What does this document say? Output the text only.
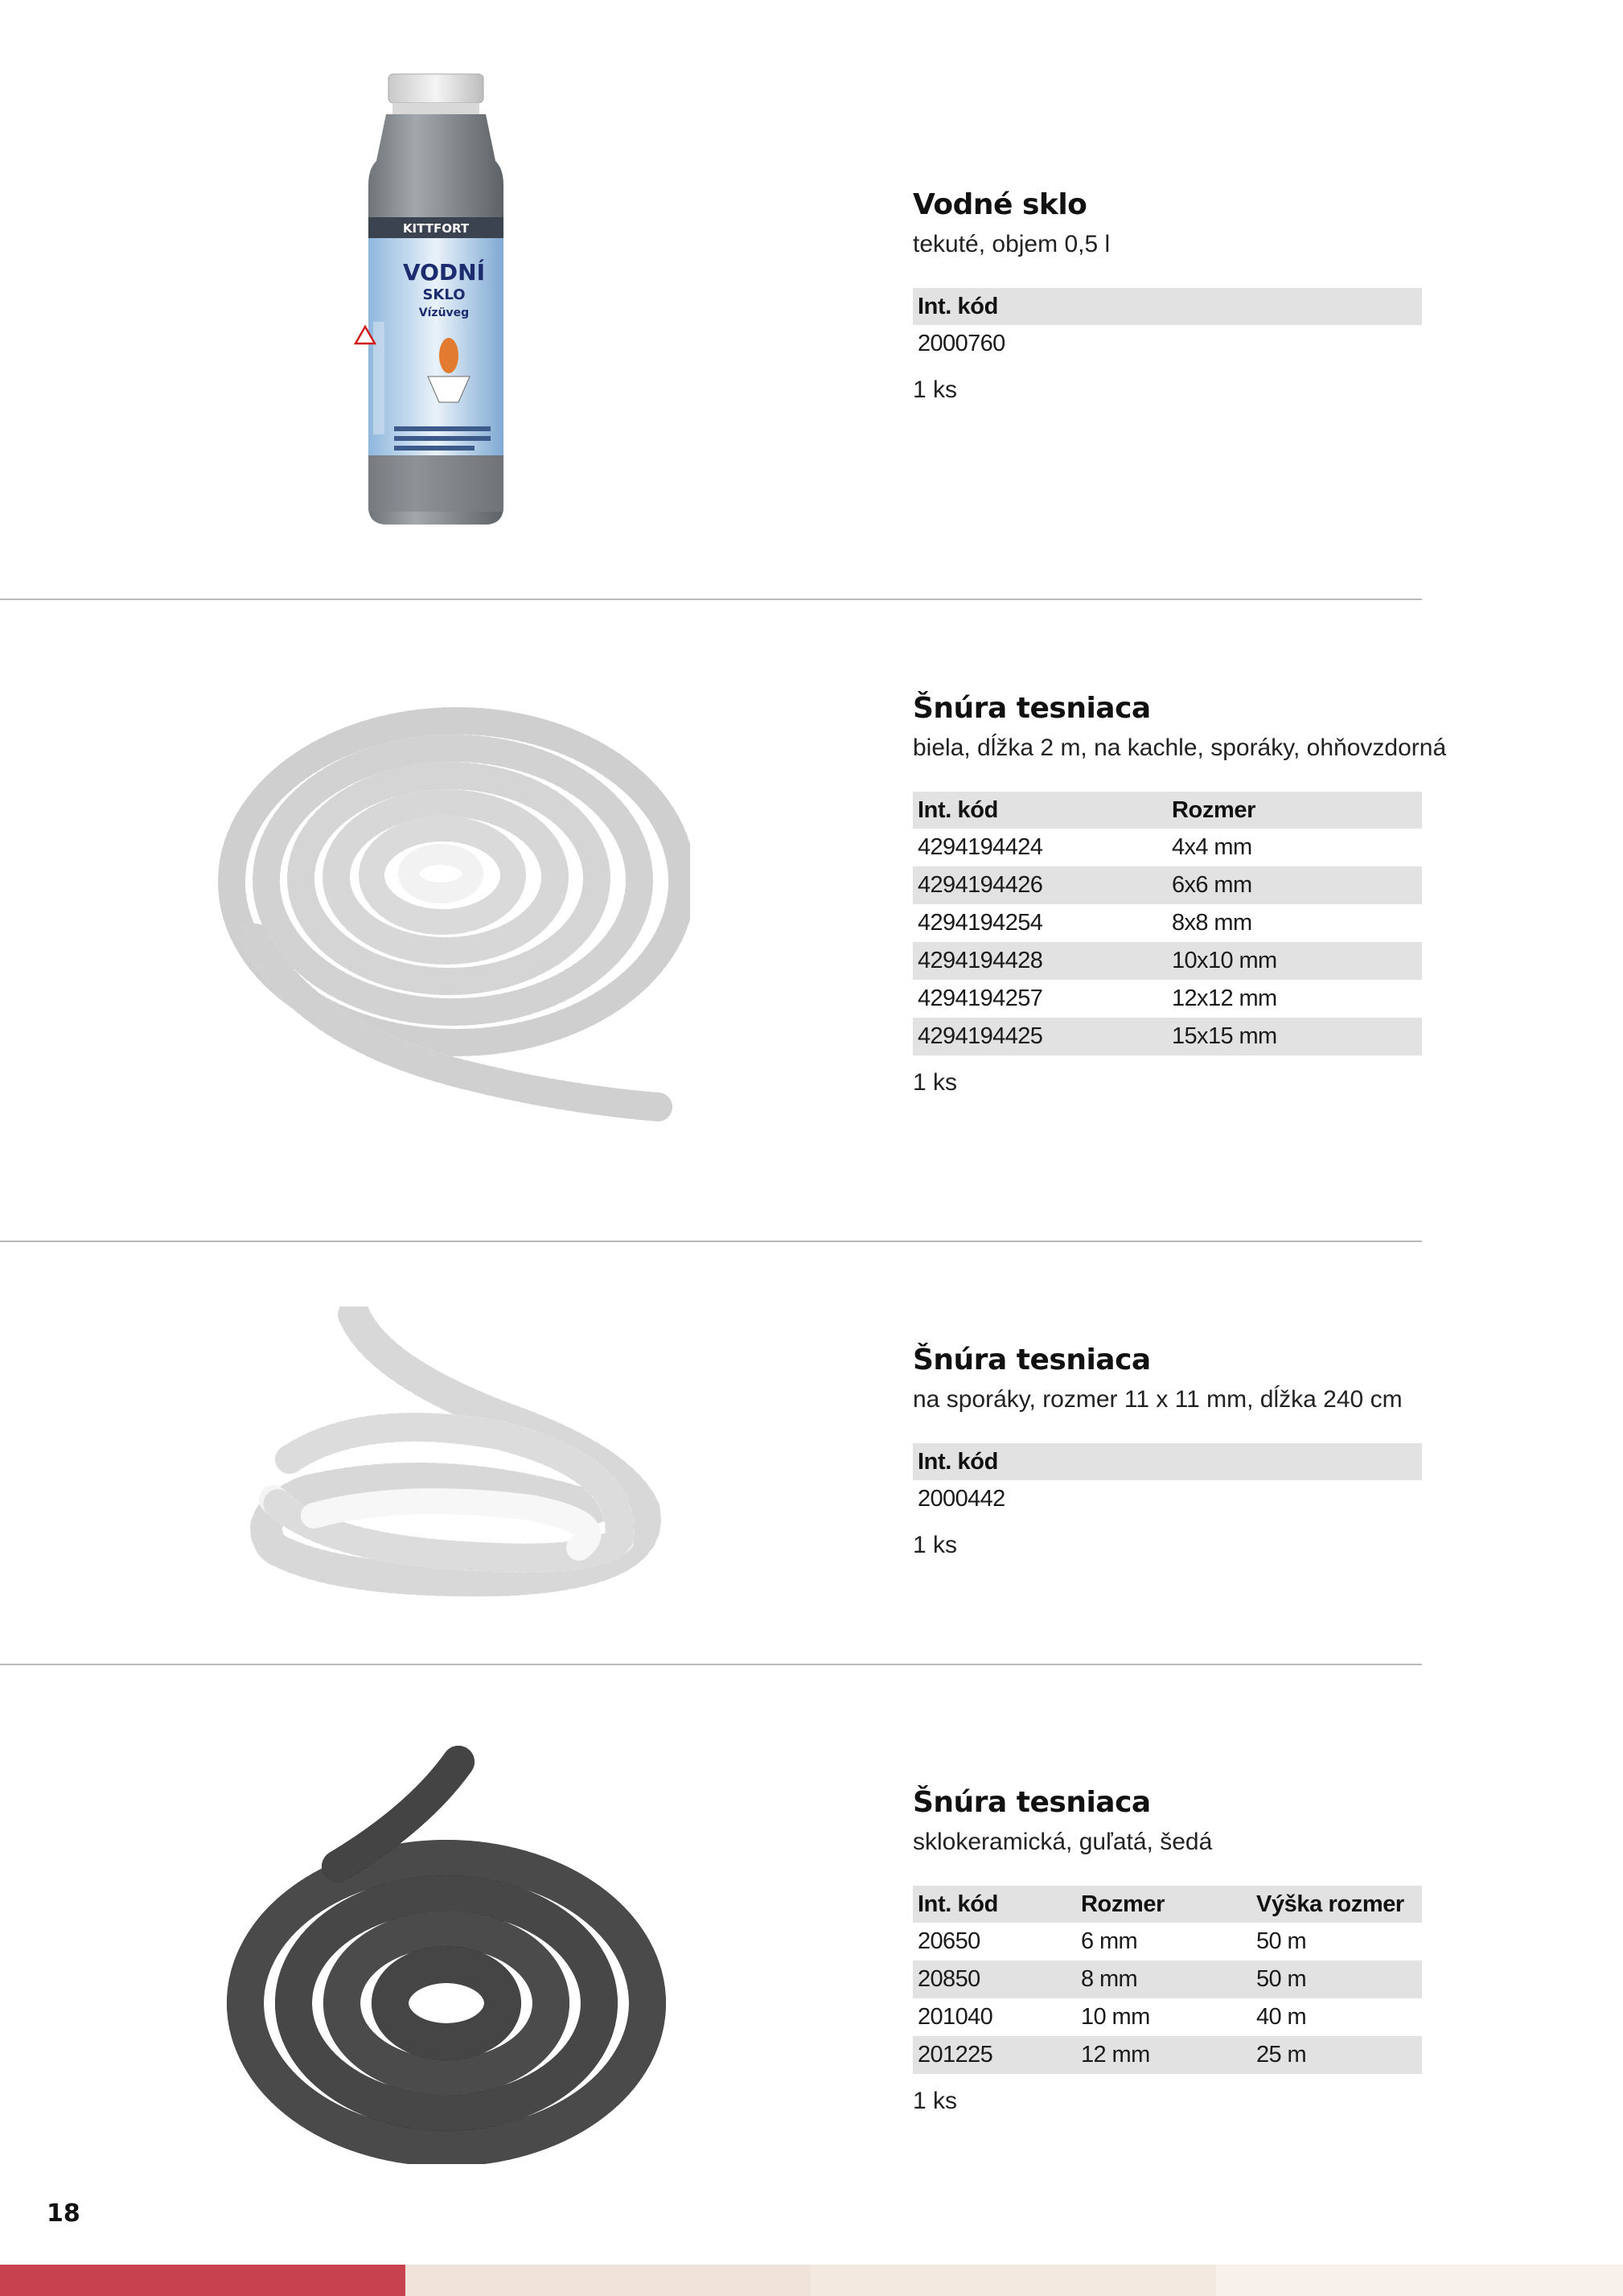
KITTFORT
VODNÍ
SKLO
Vízüveg
Vodné sklo

tekuté, objem 0,5 l

Int. kód
2000760
1 ks
Šnúra tesniaca

biela, dĺžka 2 m, na kachle, sporáky, ohňovzdorná

Int. kód	Rozmer
4294194424	4x4 mm
4294194426	6x6 mm
4294194254	8x8 mm
4294194428	10x10 mm
4294194257	12x12 mm
4294194425	15x15 mm
1 ks
Šnúra tesniaca

na sporáky, rozmer 11 x 11 mm, dĺžka 240 cm

Int. kód
2000442
1 ks
Šnúra tesniaca

sklokeramická, guľatá, šedá

Int. kód	Rozmer	Výška rozmer
20650	6 mm	50 m
20850	8 mm	50 m
201040	10 mm	40 m
201225	12 mm	25 m
1 ks
18
